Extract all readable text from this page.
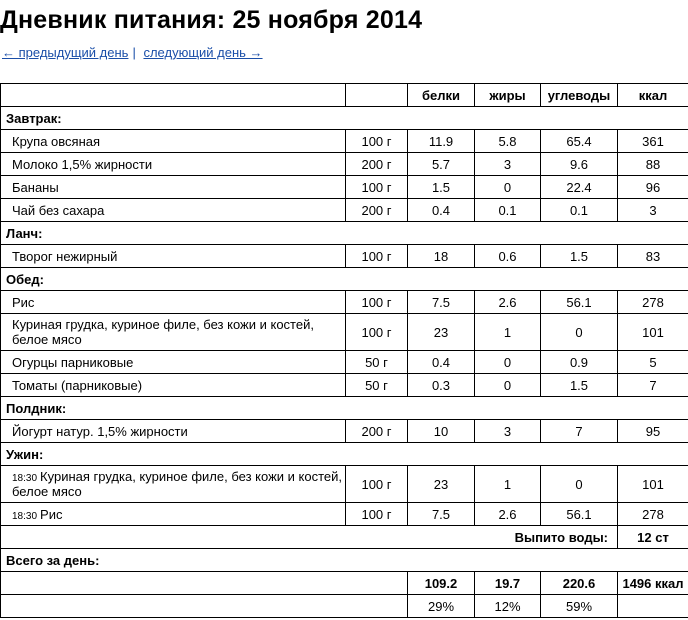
Дневник питания: 25 ноября 2014
← предыдущий день | следующий день →
		белки	жиры	углеводы	ккал
Завтрак:					
Крупа овсяная	100 г	11.9	5.8	65.4	361
Молоко 1,5% жирности	200 г	5.7	3	9.6	88
Бананы	100 г	1.5	0	22.4	96
Чай без сахара	200 г	0.4	0.1	0.1	3
Ланч:					
Творог нежирный	100 г	18	0.6	1.5	83
Обед:					
Рис	100 г	7.5	2.6	56.1	278
Куриная грудка, куриное филе, без кожи и костей, белое мясо	100 г	23	1	0	101
Огурцы парниковые	50 г	0.4	0	0.9	5
Томаты (парниковые)	50 г	0.3	0	1.5	7
Полдник:					
Йогурт натур. 1,5% жирности	200 г	10	3	7	95
Ужин:					
18:30 Куриная грудка, куриное филе, без кожи и костей, белое мясо	100 г	23	1	0	101
18:30 Рис	100 г	7.5	2.6	56.1	278
Выпито воды:					12 ст
Всего за день:					
		109.2	19.7	220.6	1496 ккал
		29%	12%	59%	
